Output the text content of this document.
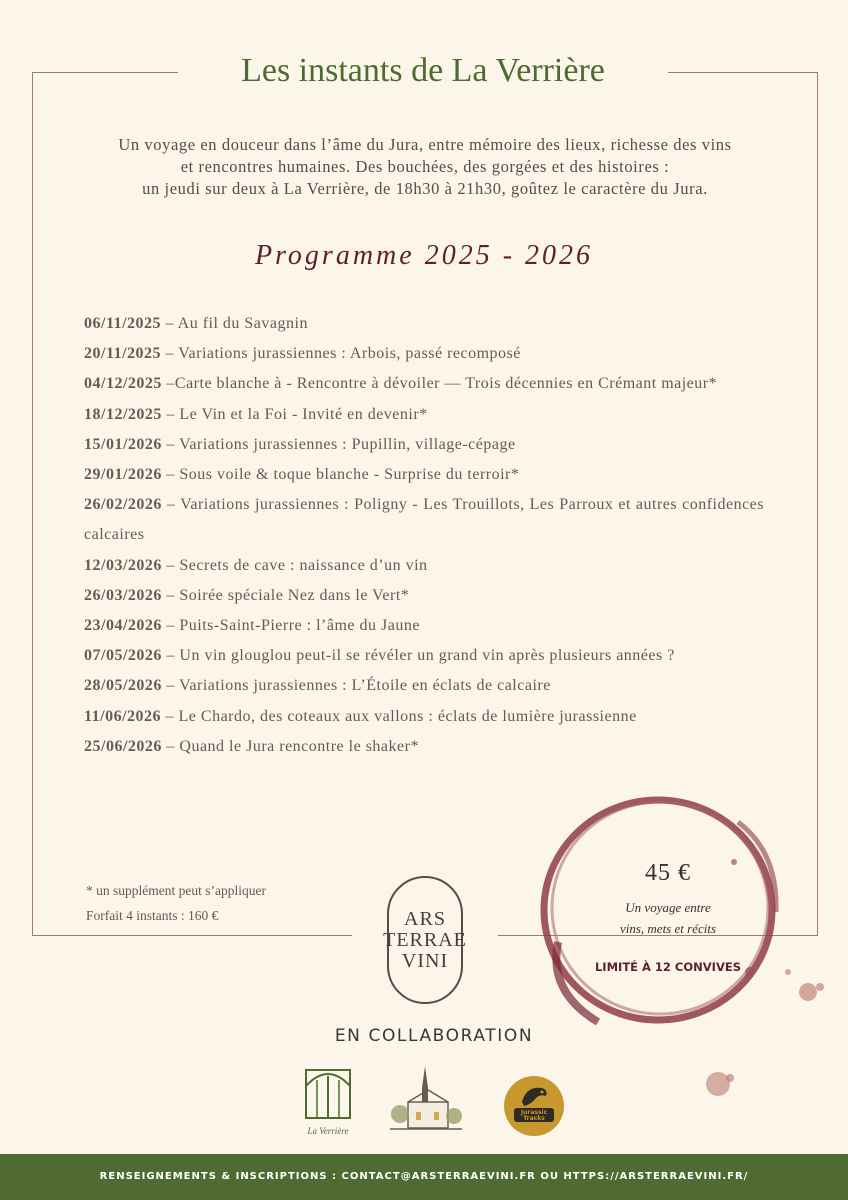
Les instants de La Verrière
Un voyage en douceur dans l’âme du Jura, entre mémoire des lieux, richesse des vins
et rencontres humaines. Des bouchées, des gorgées et des histoires :
un jeudi sur deux à La Verrière, de 18h30 à 21h30, goûtez le caractère du Jura.
Programme 2025 - 2026
06/11/2025 – Au fil du Savagnin
20/11/2025 – Variations jurassiennes : Arbois, passé recomposé
04/12/2025 –Carte blanche à - Rencontre à dévoiler — Trois décennies en Crémant majeur*
18/12/2025 – Le Vin et la Foi - Invité en devenir*
15/01/2026 – Variations jurassiennes : Pupillin, village-cépage
29/01/2026 – Sous voile & toque blanche - Surprise du terroir*
26/02/2026 – Variations jurassiennes : Poligny - Les Trouillots, Les Parroux et autres confidences calcaires
12/03/2026 – Secrets de cave : naissance d’un vin
26/03/2026 – Soirée spéciale Nez dans le Vert*
23/04/2026 – Puits-Saint-Pierre : l’âme du Jaune
07/05/2026 – Un vin glouglou peut-il se révéler un grand vin après plusieurs années ?
28/05/2026 – Variations jurassiennes : L’Étoile en éclats de calcaire
11/06/2026 – Le Chardo, des coteaux aux vallons : éclats de lumière jurassienne
25/06/2026 – Quand le Jura rencontre le shaker*
* un supplément peut s’appliquer
Forfait 4 instants : 160 €	ARS
TERRAE
VINI
45 €
Un voyage entre
vins, mets et récits
LIMITÉ À 12 CONVIVES
EN COLLABORATION
La Verrière
Jurassic Tracks
RENSEIGNEMENTS & INSCRIPTIONS : CONTACT@ARSTERRAEVINI.FR OU HTTPS://ARSTERRAEVINI.FR/
